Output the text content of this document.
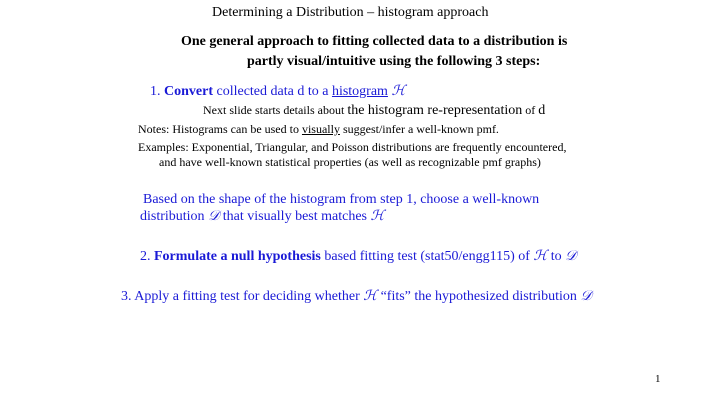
Determining a Distribution – histogram approach
One general approach to fitting collected data to a distribution is
partly visual/intuitive using the following 3 steps:
1. Convert collected data d to a histogram ℋ
Next slide starts details about the histogram re-representation of d
Notes: Histograms can be used to visually suggest/infer a well-known pmf.
Examples: Exponential, Triangular, and Poisson distributions are frequently encountered,
and have well-known statistical properties (as well as recognizable pmf graphs)
Based on the shape of the histogram from step 1, choose a well-known
distribution 𝒟 that visually best matches ℋ
2. Formulate a null hypothesis based fitting test (stat50/engg115) of ℋ to 𝒟
3. Apply a fitting test for deciding whether ℋ “fits” the hypothesized distribution 𝒟
1
